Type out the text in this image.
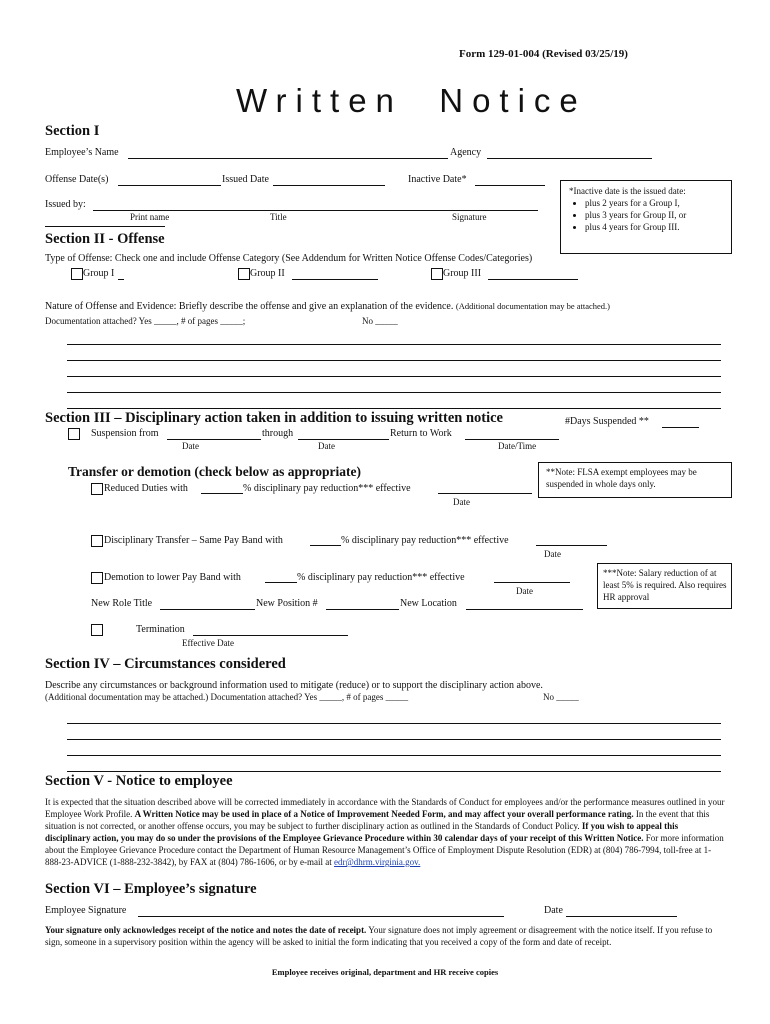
Form 129-01-004 (Revised 03/25/19)
Written  Notice
Section I
Employee’s Name	Agency
Offense Date(s)	Issued Date	Inactive Date*
*Inactive date is the issued date:
• plus 2 years for a Group I,
• plus 3 years for Group II, or
• plus 4 years for Group III.
Issued by:
Print name	Title	Signature
Section II - Offense
Type of Offense: Check one and include Offense Category (See Addendum for Written Notice Offense Codes/Categories)
Group I	Group II	Group III
Nature of Offense and Evidence: Briefly describe the offense and give an explanation of the evidence. (Additional documentation may be attached.)
Documentation attached? Yes _____, # of pages _____;	No _____
Section III – Disciplinary action taken in addition to issuing written notice	#Days Suspended **
Suspension from	through	Return to Work
Date	Date	Date/Time
Transfer or demotion (check below as appropriate)	**Note: FLSA exempt employees may be suspended in whole days only.
Reduced Duties with	% disciplinary pay reduction*** effective
Date
Disciplinary Transfer – Same Pay Band with	% disciplinary pay reduction*** effective
Date
***Note: Salary reduction of at least 5% is required. Also requires HR approval
Demotion to lower Pay Band with	% disciplinary pay reduction*** effective
Date
New Role Title	New Position #	New Location
Termination
Effective Date
Section IV – Circumstances considered
Describe any circumstances or background information used to mitigate (reduce) or to support the disciplinary action above.
(Additional documentation may be attached.) Documentation attached? Yes _____, # of pages _____	No _____
Section V - Notice to employee
It is expected that the situation described above will be corrected immediately in accordance with the Standards of Conduct for employees and/or the performance measures outlined in your Employee Work Profile. A Written Notice may be used in place of a Notice of Improvement Needed Form, and may affect your overall performance rating. In the event that this situation is not corrected, or another offense occurs, you may be subject to further disciplinary action as outlined in the Standards of Conduct Policy. If you wish to appeal this disciplinary action, you may do so under the provisions of the Employee Grievance Procedure within 30 calendar days of your receipt of this Written Notice. For more information about the Employee Grievance Procedure contact the Department of Human Resource Management’s Office of Employment Dispute Resolution (EDR) at (804) 786-7994, toll-free at 1-888-23-ADVICE (1-888-232-3842), by FAX at (804) 786-1606, or by e-mail at edr@dhrm.virginia.gov.
Section VI – Employee’s signature
Employee Signature	Date
Your signature only acknowledges receipt of the notice and notes the date of receipt. Your signature does not imply agreement or disagreement with the notice itself. If you refuse to sign, someone in a supervisory position within the agency will be asked to initial the form indicating that you received a copy of the form and date of receipt.
Employee receives original, department and HR receive copies
